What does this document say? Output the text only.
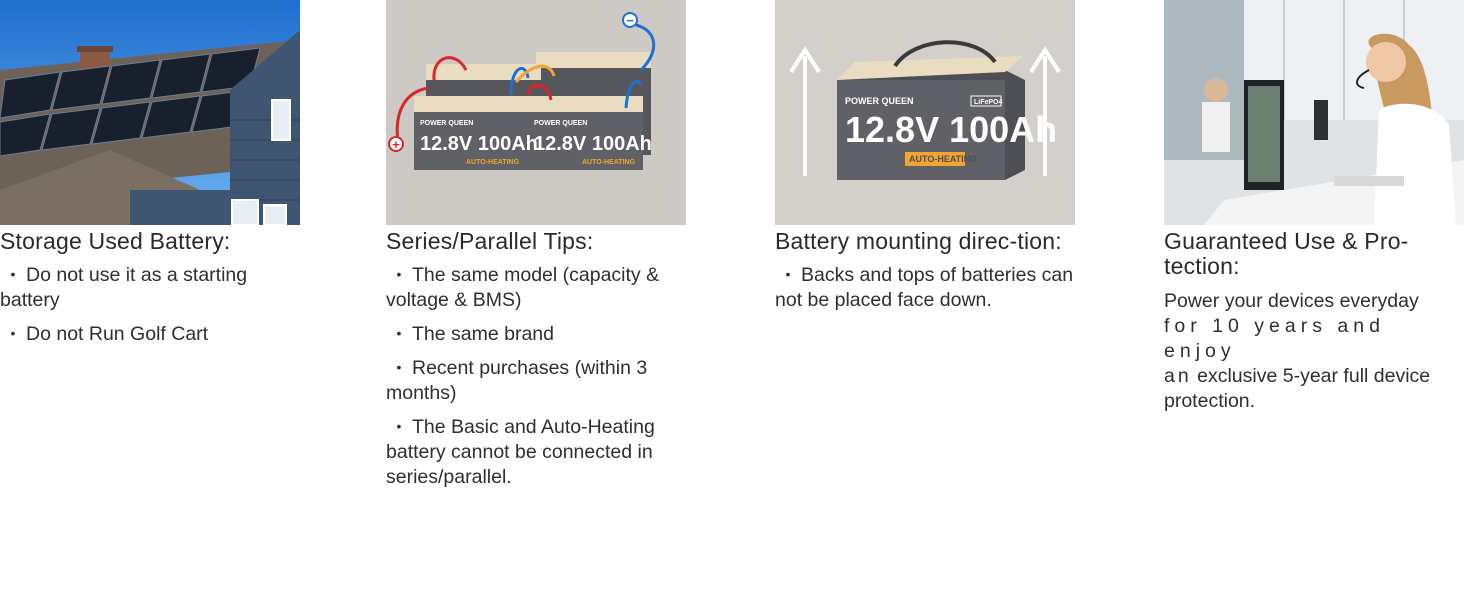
Storage Used Battery:
• Do not use it as a starting battery
• Do not Run Golf Cart
POWER QUEEN
12.8V 100Ah
POWER QUEEN
12.8V 100Ah
AUTO-HEATING	AUTO-HEATING
+
−
Series/Parallel Tips:
• The same model (capacity & voltage & BMS)
• The same brand
• Recent purchases (within 3 months)
• The Basic and Auto-Heating battery cannot be connected in series/parallel.
POWER QUEEN
12.8V 100Ah
LiFePO4
AUTO-HEATING
Battery mounting direc-tion:
• Backs and tops of batteries can not be placed face down.
Guaranteed Use & Pro-tection:

Power your devices everyday
for 10 years and enjoy
an exclusive 5-year full device protection.
